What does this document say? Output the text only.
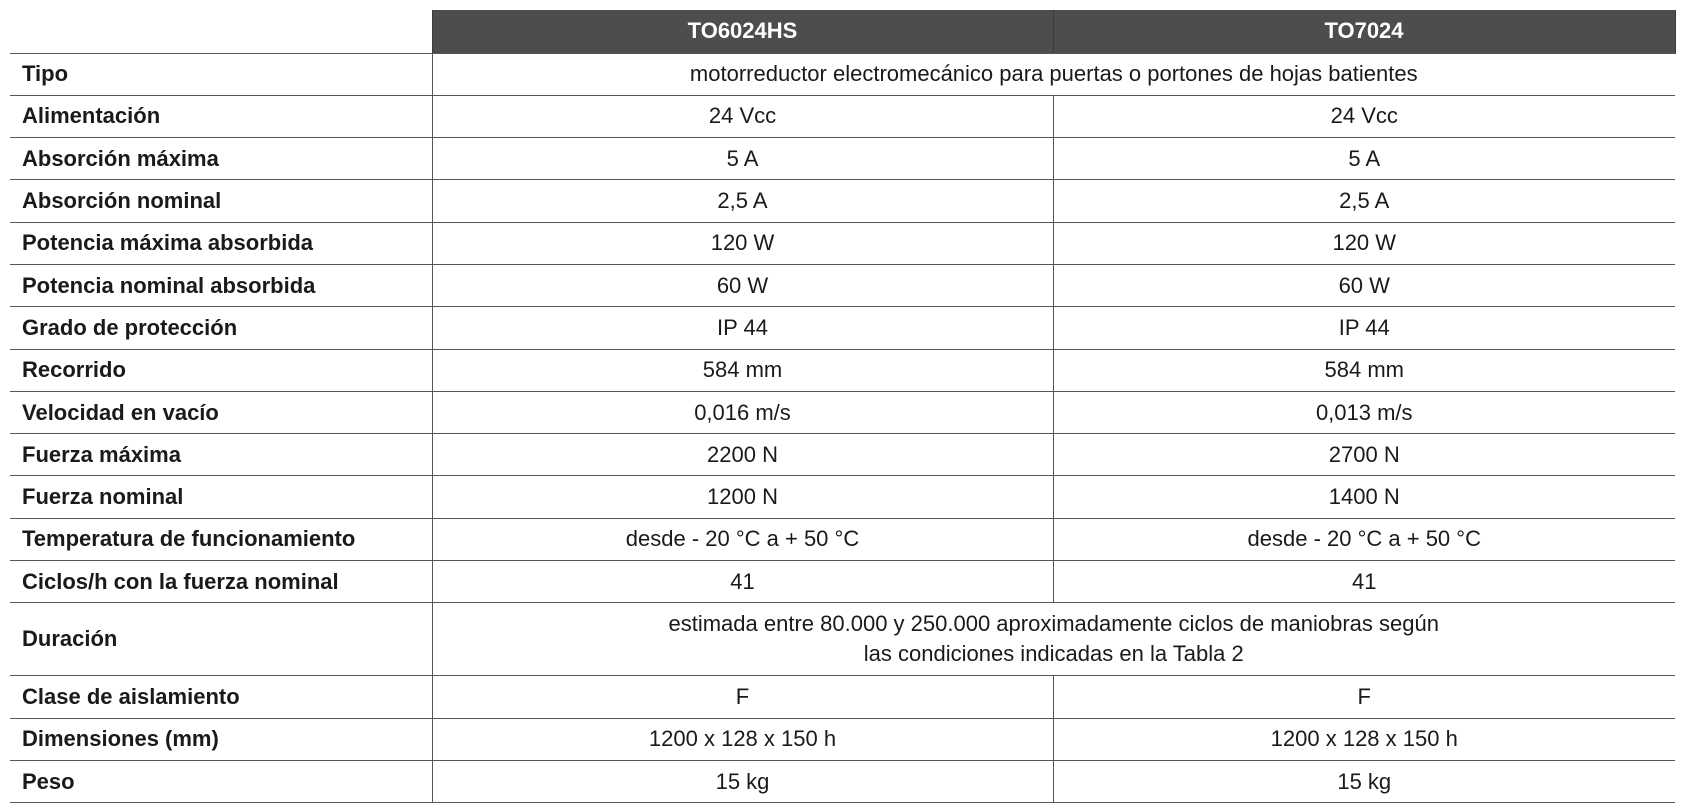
	TO6024HS	TO7024
Tipo	motorreductor electromecánico para puertas o portones de hojas batientes	
Alimentación	24 Vcc	24 Vcc
Absorción máxima	5 A	5 A
Absorción nominal	2,5 A	2,5 A
Potencia máxima absorbida	120 W	120 W
Potencia nominal absorbida	60 W	60 W
Grado de protección	IP 44	IP 44
Recorrido	584 mm	584 mm
Velocidad en vacío	0,016 m/s	0,013 m/s
Fuerza máxima	2200 N	2700 N
Fuerza nominal	1200 N	1400 N
Temperatura de funcionamiento	desde - 20 °C a + 50 °C	desde - 20 °C a + 50 °C
Ciclos/h con la fuerza nominal	41	41
Duración	estimada entre 80.000 y 250.000 aproximadamente ciclos de maniobras según
las condiciones indicadas en la Tabla 2	

Clase de aislamiento	F	F
Dimensiones (mm)	1200 x 128 x 150 h	1200 x 128 x 150 h
Peso	15 kg	15 kg
